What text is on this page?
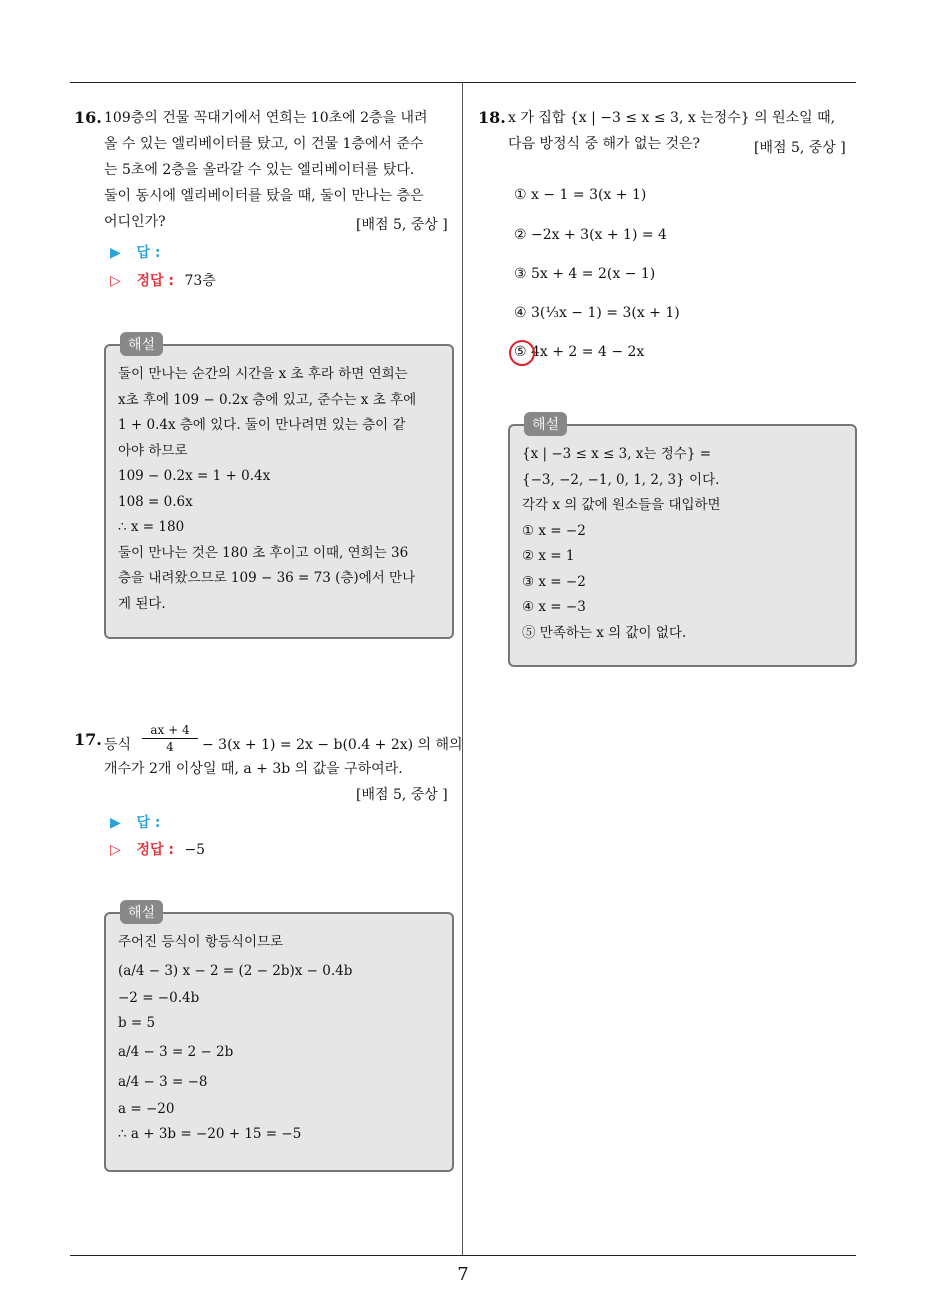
7
16. 109층의 건물 꼭대기에서 연희는 10초에 2층을 내려
올 수 있는 엘리베이터를 탔고, 이 건물 1층에서 준수
는 5초에 2층을 올라갈 수 있는 엘리베이터를 탔다.
둘이 동시에 엘리베이터를 탔을 때, 둘이 만나는 층은
어디인가?	[배점 5, 중상 ]
▶ 답 :
▷ 정답 : 73층
해설
둘이 만나는 순간의 시간을 x 초 후라 하면 연희는
x초 후에 109 − 0.2x 층에 있고, 준수는 x 초 후에
1 + 0.4x 층에 있다. 둘이 만나려면 있는 층이 같
아야 하므로
109 − 0.2x = 1 + 0.4x
108 = 0.6x
∴ x = 180
둘이 만나는 것은 180 초 후이고 이때, 연희는 36
층을 내려왔으므로 109 − 36 = 73 (층)에서 만나
게 된다.
17. 등식 $\frac{ax + 4}{4} - 3(x + 1) = 2x - b(0.4 + 2x)$ 의 해의
개수가 2개 이상일 때, a + 3b 의 값을 구하여라.
[배점 5, 중상 ]
▶ 답 :
▷ 정답 : −5
해설
주어진 등식이 항등식이므로
(a/4 − 3) x − 2 = (2 − 2b)x − 0.4b
−2 = −0.4b
b = 5
a/4 − 3 = 2 − 2b
a/4 − 3 = −8
a = −20
∴ a + 3b = −20 + 15 = −5
18. x 가 집합 {x | −3 ≤ x ≤ 3, x 는정수} 의 원소일 때,
다음 방정식 중 해가 없는 것은?	[배점 5, 중상 ]
① x − 1 = 3(x + 1)
② −2x + 3(x + 1) = 4
③ 5x + 4 = 2(x − 1)
④ 3(⅓x − 1) = 3(x + 1)
⑤ 4x + 2 = 4 − 2x
해설
{x | −3 ≤ x ≤ 3, x는 정수} =
{−3, −2, −1, 0, 1, 2, 3} 이다.
각각 x 의 값에 원소들을 대입하면
① x = −2
② x = 1
③ x = −2
④ x = −3
⑤ 만족하는 x 의 값이 없다.
